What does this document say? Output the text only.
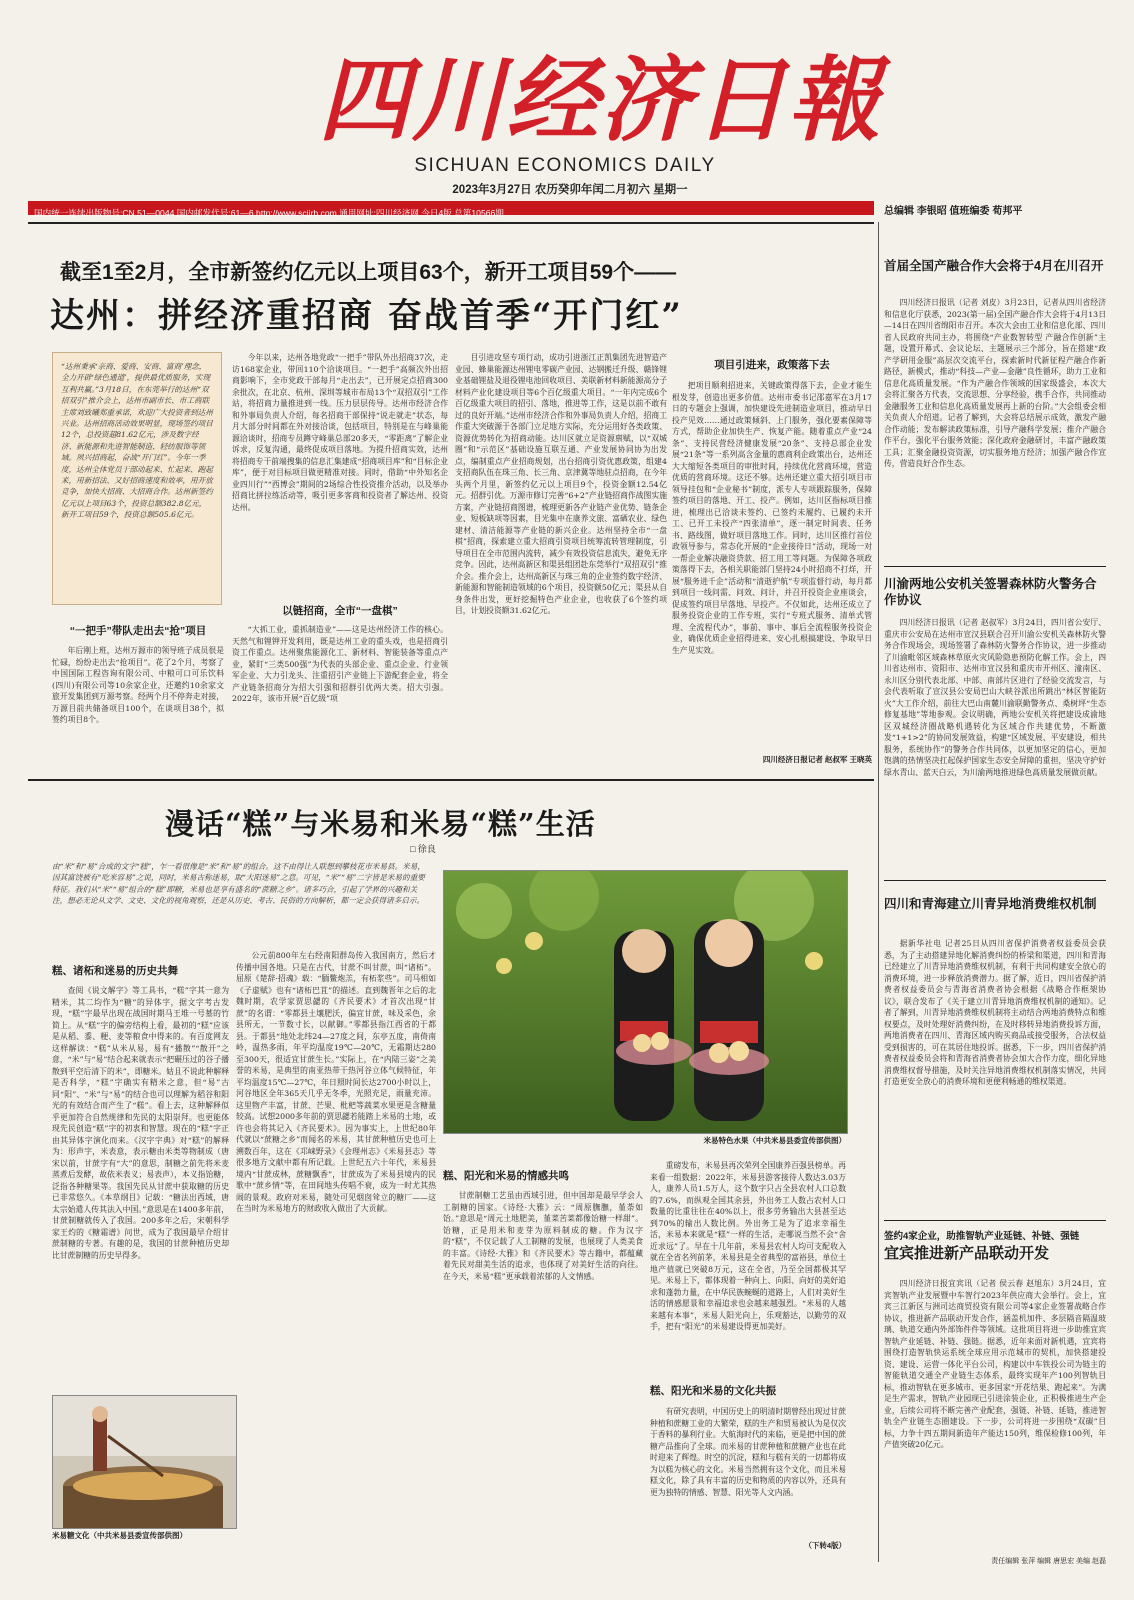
四川经济日報
SICHUAN ECONOMICS DAILY
2023年3月27日 农历癸卯年闰二月初六 星期一
国内统一连续出版物号:CN 51—0044 国内邮发代号:61—6 http://www.scjjrb.com 通用网址:四川经济网 今日4版 总第10566期	总编辑 李银昭 值班编委 荀邦平
截至1至2月，全市新签约亿元以上项目63个，新开工项目59个——
达州：拼经济重招商 奋战首季“开门红”
“达州秉承‘亲商、爱商、安商、富商’理念，全力开辟‘绿色通道’，提供最优质服务，实现互利共赢。”3月18日，在东莞举行的达州“双招双引”推介会上，达州市副市长、市工商联主席刘致曦郑重承诺，欢迎广大投资者到达州兴业。达州招商活动效果明显，现场签约项目12个，总投资超81.62亿元，涉及数字经济、新能源和先进智能制造、轻纺服饰等领域。夙兴招商起，奋战“开门红”。今年一季度，达州全体党员干部动起来、忙起来、跑起来，用新招法、又好招商速度和效率，用开放竞争，加快大招商、大招商合作。达州新签约亿元以上项目63个，投资总额382.8亿元，新开工项目59个，投资总额505.6亿元。
“一把手”带队走出去“抢”项目

年后刚上班，达州万源市的领导班子成员很是忙碌，纷纷走出去“抢项目”。花了2个月，考察了中国国际工程咨询有限公司、中粮可口可乐饮料(四川)有限公司等10余家企业，还邀约10余家文旅开发集团到万源考察。经两个月不停奔走对接，万源目前共储备项目100个，在谈项目38个，拟签约项目8个。

今年以来，达州各地党政“一把手”带队外出招商37次，走访168家企业，带回110个洽谈项目。“一把手”高频次外出招商影响下，全市党政干部每月“走出去”，已开展定点招商300余批次，在北京、杭州、深圳等城市布局13个“双招双引”工作站，将招商力量推进到一线。压力层层传导。达州市经济合作和外事局负责人介绍，每名招商干部保持“说走就走”状态，每月大部分时间都在外对接洽谈，包括项目，特别是在与峰巢能源洽谈时，招商专员蹲守峰巢总部20多天，“零距离”了解企业诉求，反复沟通，最终促成项目落地。为提升招商实效，达州将招商专干前端搜集的信息汇集建成“招商项目库”和“目标企业库”，便于对目标项目做更精准对接。同时，借助“中外知名企业四川行”“西博会”期间的2场综合性投资推介活动，以及举办招商比拼拉练活动等，吸引更多客商和投资者了解达州、投资达州。

以链招商，全市“一盘棋”

“大抓工业，重抓制造业”——这是达州经济工作的核心。天然气和锂钾开发利用，既是达州工业的重头戏，也是招商引资工作重点。达州聚焦能源化工、新材料、智能装备等重点产业，紧盯“三类500强”为代表的头部企业、重点企业、行业领军企业、大力引龙头、注重招引产业链上下游配套企业，将全产业链条招商分为招大引强和招群引优两大类。招大引强。2022年，该市开展“百亿级”项

目引进攻坚专项行动，成功引进浙江正凯集团先进智造产业园、蜂巢能源达州锂电零碳产业园、达钢搬迁升级、赣锋锂业基础锂盐及退役锂电池回收项目、美联新材料新能源高分子材料产业化建设项目等6个百亿级重大项目。“一年内完成6个百亿级重大项目的招引、落地，推进等工作，这是以前不敢有过的良好开端。”达州市经济合作和外事局负责人介绍，招商工作重大突破源于各部门立足地方实际，充分运用好各类政策、资源优势转化为招商动能。达川区就立足资源禀赋，以“双城圈”和“示范区”基础设施互联互通、产业发展协同协为出发点，编制重点产业招商规划，出台招商引资优惠政策，组建4支招商队伍在珠三角、长三角、京津冀等地驻点招商，在今年头两个月里，新签约亿元以上项目9个，投资金额12.54亿元。招群引优。万源市修订完善“6+2”产业链招商作战图实施方案，产业链招商图谱，梳理更新各产业链产业优势、链条企业、短板缺项等因素，目光集中在康养文旅、富硒农业、绿色建材、清洁能源等产业链的新兴企业。达州坚持全市“一盘棋”招商，探索建立重大招商引资项目统筹流转管理制度，引导项目在全市范围内流转，减少有效投资信息流失，避免无序竞争。因此，达州高新区和渠县组团赴东莞举行“双招双引”推介会。推介会上，达州高新区与珠三角的企业签约数字经济、新能源和智能制造领域的6个项目，投资额50亿元；渠县从自身条件出发，更好挖掘特色产业企业，也收获了6个签约项目，计划投资额31.62亿元。

项目引进来，政策落下去

把项目顺利招进来，关键政策得落下去，企业才能生根发芽，创造出更多价值。达州市委书记邵嘉军在3月17日的专题会上强调，加快建设先进制造业项目，推动早日投产见效……通过政策倾斜、上门服务，强化要素保障等方式，帮助企业加快生产、恢复产能。随着重点产业“24条”、支持民营经济健康发展“20条”、支持总部企业发展“21条”等一系列高含金量的惠商利企政策出台，达州还大大缩短各类项目的审批时间，持续优化营商环境，营造优质的营商环境。这还不够。达州还建立重大招引项目市领导挂包和“企业秘书”制度，派专人专项跟踪服务，保障签约项目的落地、开工、投产。例如，达川区指标项目推进，梳理出已洽谈未签约、已签约未履约、已履约未开工、已开工未投产“四张清单”，逐一制定时间表、任务书、路线图，做好项目落地工作。同时，达川区推行首位政领导参与，常态化开展的“企业接待日”活动，现场一对一帮企业解决融资贷款、招工用工等问题。为保障各项政策落得下去，各相关职能部门坚持24小时招商不打烊，开展“服务进千企”活动和“清逝护航”专项监督行动，每月都到项目一线问需、问效、问计，并召开投资企业座谈会，促成签约项目早落地、早投产。不仅如此，达州还成立了服务投资企业的工作专班，实行“专班式服务、清单式管理、全流程代办”，事前、事中、事后全流程服务投资企业，确保优质企业招得进来、安心扎根搞建设、争取早日生产见实效。

四川经济日报记者 赵叔军 王晓英
首届全国产融合作大会将于4月在川召开

四川经济日报讯（记者 刘皮）3月23日，记者从四川省经济和信息化厅获悉，2023(第一届)全国产融合作大会将于4月13日—14日在四川省绵阳市召开。本次大会由工业和信息化部、四川省人民政府共同主办，将围绕“产业数智转型 产融合作创新”主题，设置开幕式、会议论坛、主题展示三个部分，旨在搭建“政产学研用金服”高层次交流平台，探索新时代新征程产融合作新路径，新模式，推动“科技—产业—金融”良性循环，助力工业和信息化高质量发展。“作为产融合作领域的国家级盛会，本次大会将汇聚各方代表，交流思想、分享经验，携手合作，共同推动金融服务工业和信息化高质量发展再上新的台阶。”大会组委会相关负责人介绍道。记者了解到，大会将总结展示成效，激发产融合作动能；发布解读政策标准，引导产融科学发展；推介产融合作平台，强化平台服务效能；深化政府金融研讨，丰富产融政策工具；汇聚金融投资资源，切实服务地方经济；加强产融合作宣传，营造良好合作生态。

川渝两地公安机关签署森林防火警务合作协议

四川经济日报讯（记者 赵叔军）3月24日，四川省公安厅、重庆市公安局在达州市宣汉县联合召开川渝公安机关森林防火警务合作现场会，现场签署了森林防火警务合作协议，进一步推动了川渝毗邻区域森林草原火灾风险隐患预防化解工作。会上，四川省达州市、资阳市、达州市宣汉县和重庆市开州区、潼南区、永川区分别代表北部、中部、南部片区进行了经验交流发言，与会代表听取了宣汉县公安局巴山大峡谷派出所跳出“林区智能防火”大工作介绍，前往大巴山南麓川渝联勤警务点、桑树坪“生态修复基地”等地参观。会议明确，两地公安机关将把建设成渝地区双城经济圈战略机遇转化为区域合作共建优势，不断激发“1+1>2”的协同发展效益，构建“区域发展、平安建设，相共服务，系统协作”的警务合作共同体，以更加坚定的信心，更加饱满的热情坚决扛起保护国家生态安全屏障的重担，坚决守护好绿水青山、蓝天白云，为川渝两地推进绿色高质量发展做贡献。

四川和青海建立川青异地消费维权机制

据新华社电 记者25日从四川省保护消费者权益委员会获悉，为了主动搭建异地化解消费纠纷的桥梁和渠道，四川和青海已经建立了川青异地消费维权机制，有利于共同构建安全放心的消费环境，进一步释放消费潜力。据了解，近日，四川省保护消费者权益委员会与青海省消费者协会根据《战略合作框架协议》，联合发布了《关于建立川青异地消费维权机制的通知》。记者了解到，川青异地消费维权机制将主动结合两地消费特点和维权要点，及时处理好消费纠纷，在及时移转异地消费投诉方面，两地消费者在四川、青海区域内购买商品或接受服务，合法权益受到损害的，可在其居住地投诉。据悉，下一步，四川省保护消费者权益委员会将和青海省消费者协会加大合作力度，细化异地消费维权督导措施，及时关注异地消费维权机制落实情况，共同打造更安全放心的消费环境和更便利畅通的维权渠道。

签约4家企业，助推智轨产业延链、补链、强链
宜宾推进新产品联动开发

四川经济日报宜宾讯（记者 侯云春 赵旭东）3月24日，宜宾智轨产业发展暨中车智行2023年供应商大会举行。会上，宜宾三江新区与洲司达商贸投资有限公司等4家企业签署战略合作协议，推进新产品联动开发合作，涵盖机加件、多层隔音隔温玻璃、轨道交通内外部饰件件等领域。这批项目将进一步助推宜宾智轨产业延链、补链、强链。据悉，近年来面对新机遇，宜宾将围绕打造智轨快运系统全球应用示范城市的契机，加快搭建投资、建设、运营一体化平台公司，构建以中车铁投公司为链主的智能轨道交通全产业链生态体系，最终实现年产100列智轨目标，推动智轨在更多城市、更多国家“开花结果、跑起来”。为满足生产需求，智轨产业园现已引进涂装企业，正积极推进生产企业，后续公司将不断完善产业配套，强链、补链、延链，推进智轨全产业链生态圈建设。下一步，公司将进一步围绕“双碳”目标，力争十四五期间新造年产能达150列，维保检修100列，年产值突破20亿元。

责任编辑 张萍 编辑 唐思宏 美编 赵磊
漫话“糕”与米易和米易“糕”生活
□ 徐良
由“米”和“易”合成的文字“糕”，乍一看很像是“米”和“易”的组合。这不由得让人联想到攀枝花市米易县。米易，因其富饶被有“吃米容易”之说，同时，米易古称迷易，取“大阳迷易”之意。可见，“米”“易”二字皆是米易的重要特征。我们从“米”“易”组合的“糕”即糖，米易也是享有盛名的“蔗糖之乡”。诸多巧合，引起了学界的兴趣和关注，想必无论从文学、文史、文化的视角观察，还是从历史、考古、民俗的方向解析，都一定会获得诸多启示。
糕、诸柘和迷易的历史共舞

查阅《说文解字》等工具书，“糕”字其一意为精米，其二均作为“糖”的异体字，据文字考古发现，“糕”字最早出现在战国时期马王堆一号墓的竹简上。从“糕”字的偏旁结构上看，最初的“糕”应该是从稻、黍、粳、麦等粮食中得来的。有百度网友这样解读：“糕”从米从易，易有“播散”“散开”之意，“米”与“易”结合起来就表示“把碾压过的谷子播散到平空后清下的米”，即糖米。姑且不说此种解释是否科学，“糕”字确实有精米之意，但“易”古同“阳”、“米”与“易”的结合也可以理解为稻谷和阳光的有效结合而产生了“糕”。看上去，这种解释似乎更加符合自然规律和先民的太阳崇拜。也更能体现先民创造“糕”字的初衷和智慧。现在的“糕”字正由其异体字演化而来。《汉字字典》对“糕”的解释为：形声字，米表意，表示糖由米类等物制成（唐宋以前，甘蔗字有“大”的意思，制糖之前先将米麦蒸煮后发酵，故依米表义；易表声），本义指饴糖，泛指各种糖果等。我国先民从甘蔗中获取糖的历史已非常悠久。《本草纲目》记载：“糖法出西域，唐太宗始遣人传其法入中国。”意思是在1400多年前，甘蔗制糖就传入了我国。200多年之后，宋朝科学家王灼的《糖霜谱》问世，成为了我国最早介绍甘蔗制糖的专著。有趣的是，我国的甘蔗种植历史却比甘蔗制糖的历史早得多。

公元前800年左右经南阳群岛传入我国南方，然后才传播中国各地。只是在古代，甘蔗不叫甘蔗，叫“诸柘”。屈原《楚辞·招魂》载：“胹鳖炮羔，有柘浆些”。司马相如《子虚赋》也有“诸柘巴苴”的描述。直到魏晋年之后的北魏时期，农学家贾思勰的《齐民要术》才首次出现“甘蔗”的名谓：“零都县土壤肥沃，偏宜甘蔗，味及采色，余县所无，一节数寸长，以献御。”零都县指江西省的于都县。于都县“地处北纬24—27度之间，东亭五度，南倚南岭，温热多雨，年平均温度19℃—20℃，无霜期达280至300天，很适宜甘蔗生长。”实际上，在“内陆三姿”之美誉的米易，是典型的南亚热带干热河谷立体气候特征，年平均温度15℃—27℃，年日照时间长达2700小时以上，河谷地区全年365天几乎无冬季，光照充足，雨量充沛。这里物产丰富，甘蔗、芒果、枇杷等蔬菜水果更是含糖量较高。试想2000多年前的贾思勰若能踏上米易的土地，或许也会将其记入《齐民要术》。因为事实上，上世纪80年代就以“蔗糖之乡”而闻名的米易，其甘蔗种植历史也可上溯数百年，这在《邛崃野录》《会理州志》《米易县志》等很多地方文献中都有所记载。上世纪五六十年代，米易县境内“甘蔗成林，蔗糖飘香”，甘蔗成为了米易县境内的民歌中“蔗乡情”等，在田间地头传唱不衰，成为一时尤其热闹的景观。政府对米易，随处可见烟囱耸立的糖厂——这在当时为米易地方的财政收入做出了大贡献。

米易特色水果（中共米易县委宣传部供图）
米易糖文化（中共米易县委宣传部供图）
糕、阳光和米易的情感共鸣

甘蔗制糖工艺虽由西域引进，但中国却是最早学会人工制糖的国家。《诗经·大雅》云：“周原膴膴，堇荼如饴。”意思是“周元土地肥美，堇菜苦菜都像饴糖一样甜”。饴糖，正是用米和麦芽为原料制成的糖。作为汉字的“糕”，不仅记载了人工制糖的发展，也展现了人类美食的丰富。《诗经·大雅》和《齐民要术》等古籍中，都蕴藏着先民对甜美生活的追求，也体现了对美好生活的向往。在今天，米易“糕”更承载着浓郁的人文情感。

重磅发布，米易县再次荣列全国康养百强县榜单。再来看一组数据：2022年，米易县游客接待人数达3.03万人，康养人员1.5万人，这个数字只占全县农村人口总数的7.6%，而纵观全国其余县，外出务工人数占农村人口数量的比重往往在40%以上，很多劳务输出大县甚至达到70%的输出人数比例。外出务工是为了追求幸福生活，米易本来就是“糕”一样的生活，走哪说当然不会“舍近求远”了。早在十几年前，米易县农村人均可支配收入就在全省名列前茅，米易县是全省典型的富裕县，单位土地产值就已突破8万元，这在全省，乃至全国都极其罕见。米易上下，都体现着一种向上、向阳、向好的美好追求和蓬勃力量，在中华民族蜿蜒的道路上，人们对美好生活的情感愿景和幸福追求也会越来越强烈。“米易的人越来越有本事”，米易人阳光向上，乐观豁达，以勤劳的双手，把有“阳光”的米易建设得更加美好。

糕、阳光和米易的文化共振

有研究表明，中国历史上的明清时期曾经出现过甘蔗种植和蔗糖工业的大繁荣，糕的生产和贸易被认为是仅次于香料的暴利行业。大航海时代的来临，更是把中国的蔗糖产品推向了全球。而米易的甘蔗种植和蔗糖产业也在此时迎来了辉煌。时空的沉淀，糕和与糕有关的一切都将成为以糕为核心的文化。米易当然拥有这个文化，而且米易糕文化，除了具有丰富的历史和物质的内容以外，还具有更为独特的情感、智慧、阳光等人文内涵。

（下转4版）
